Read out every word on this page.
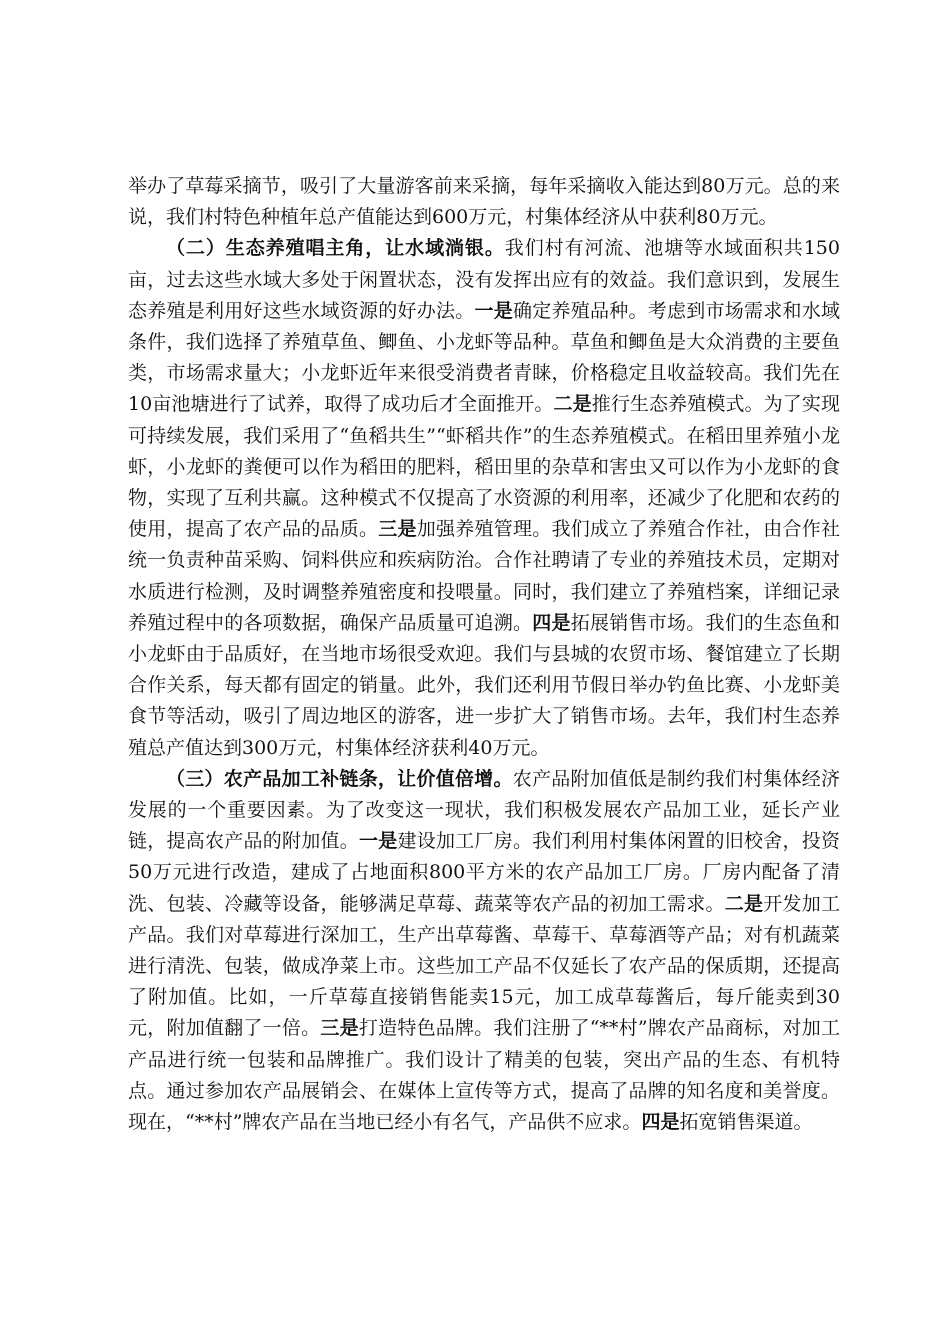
举办了草莓采摘节，吸引了大量游客前来采摘，每年采摘收入能达到80万元。总的来说，我们村特色种植年总产值能达到600万元，村集体经济从中获利80万元。

（二）生态养殖唱主角，让水域淌银。我们村有河流、池塘等水域面积共150亩，过去这些水域大多处于闲置状态，没有发挥出应有的效益。我们意识到，发展生态养殖是利用好这些水域资源的好办法。一是确定养殖品种。考虑到市场需求和水域条件，我们选择了养殖草鱼、鲫鱼、小龙虾等品种。草鱼和鲫鱼是大众消费的主要鱼类，市场需求量大；小龙虾近年来很受消费者青睐，价格稳定且收益较高。我们先在10亩池塘进行了试养，取得了成功后才全面推开。二是推行生态养殖模式。为了实现可持续发展，我们采用了“鱼稻共生”“虾稻共作”的生态养殖模式。在稻田里养殖小龙虾，小龙虾的粪便可以作为稻田的肥料，稻田里的杂草和害虫又可以作为小龙虾的食物，实现了互利共赢。这种模式不仅提高了水资源的利用率，还减少了化肥和农药的使用，提高了农产品的品质。三是加强养殖管理。我们成立了养殖合作社，由合作社统一负责种苗采购、饲料供应和疾病防治。合作社聘请了专业的养殖技术员，定期对水质进行检测，及时调整养殖密度和投喂量。同时，我们建立了养殖档案，详细记录养殖过程中的各项数据，确保产品质量可追溯。四是拓展销售市场。我们的生态鱼和小龙虾由于品质好，在当地市场很受欢迎。我们与县城的农贸市场、餐馆建立了长期合作关系，每天都有固定的销量。此外，我们还利用节假日举办钓鱼比赛、小龙虾美食节等活动，吸引了周边地区的游客，进一步扩大了销售市场。去年，我们村生态养殖总产值达到300万元，村集体经济获利40万元。

（三）农产品加工补链条，让价值倍增。农产品附加值低是制约我们村集体经济发展的一个重要因素。为了改变这一现状，我们积极发展农产品加工业，延长产业链，提高农产品的附加值。一是建设加工厂房。我们利用村集体闲置的旧校舍，投资50万元进行改造，建成了占地面积800平方米的农产品加工厂房。厂房内配备了清洗、包装、冷藏等设备，能够满足草莓、蔬菜等农产品的初加工需求。二是开发加工产品。我们对草莓进行深加工，生产出草莓酱、草莓干、草莓酒等产品；对有机蔬菜进行清洗、包装，做成净菜上市。这些加工产品不仅延长了农产品的保质期，还提高了附加值。比如，一斤草莓直接销售能卖15元，加工成草莓酱后，每斤能卖到30元，附加值翻了一倍。三是打造特色品牌。我们注册了“**村”牌农产品商标，对加工产品进行统一包装和品牌推广。我们设计了精美的包装，突出产品的生态、有机特点。通过参加农产品展销会、在媒体上宣传等方式，提高了品牌的知名度和美誉度。现在，“**村”牌农产品在当地已经小有名气，产品供不应求。四是拓宽销售渠道。
